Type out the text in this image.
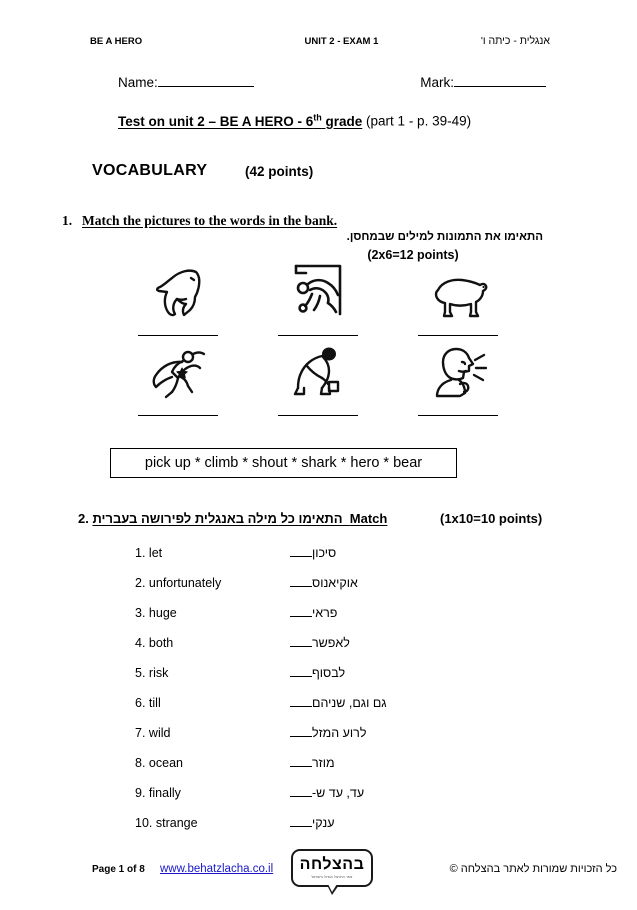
BE A HERO	UNIT 2 - EXAM 1	אנגלית - כיתה ו'
Name:	Mark:
Test on unit 2 – BE A HERO - 6th grade (part 1 - p. 39-49)
VOCABULARY	(42 points)
1. Match the pictures to the words in the bank.
התאימו את התמונות למילים שבמחסן.
(2x6=12 points)
pick up * climb * shout * shark * hero * bear
2.	Match  התאימו כל מילה באנגלית לפירושה בעברית	(1x10=10 points)
1. let	סיכון
2. unfortunately	אוקיאנוס
3. huge	פראי
4. both	לאפשר
5. risk	לבסוף
6. till	גם וגם, שניהם
7. wild	לרוע המזל
8. ocean	מוזר
9. finally	עד, עד ש-
10. strange	ענקי
Page 1 of 8 www.behatzlacha.co.il	כל הזכויות שמורות לאתר בהצלחה ©
בהצלחה
אתר התרגול הגדול בישראל
